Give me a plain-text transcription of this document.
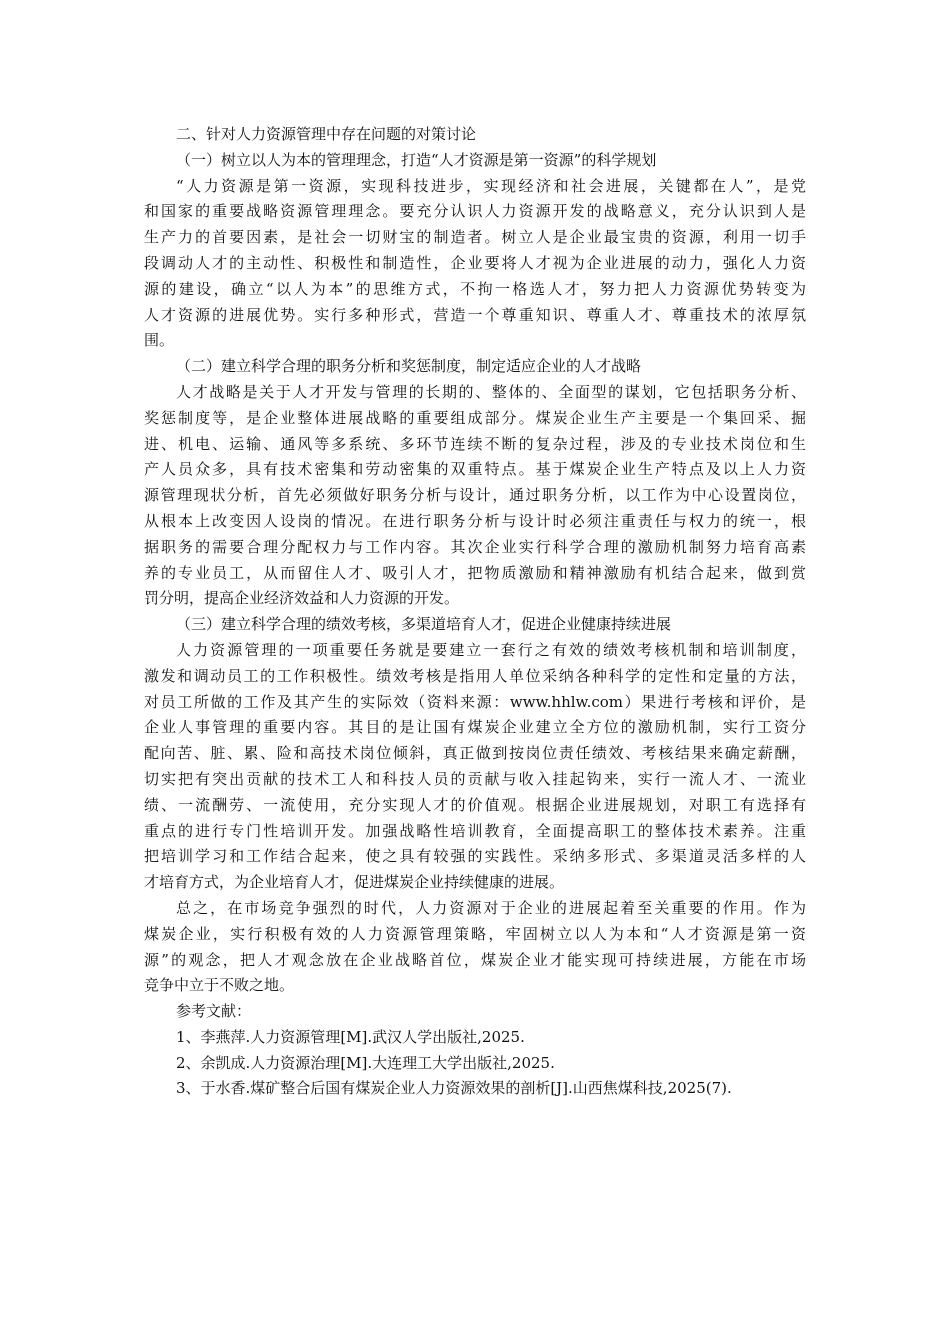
二、针对人力资源管理中存在问题的对策讨论
（一）树立以人为本的管理理念，打造“人才资源是第一资源”的科学规划
“人力资源是第一资源，实现科技进步，实现经济和社会进展，关键都在人”，是党
和国家的重要战略资源管理理念。要充分认识人力资源开发的战略意义，充分认识到人是
生产力的首要因素，是社会一切财宝的制造者。树立人是企业最宝贵的资源，利用一切手
段调动人才的主动性、积极性和制造性，企业要将人才视为企业进展的动力，强化人力资
源的建设，确立“以人为本”的思维方式，不拘一格选人才，努力把人力资源优势转变为
人才资源的进展优势。实行多种形式，营造一个尊重知识、尊重人才、尊重技术的浓厚氛
围。
（二）建立科学合理的职务分析和奖惩制度，制定适应企业的人才战略
人才战略是关于人才开发与管理的长期的、整体的、全面型的谋划，它包括职务分析、
奖惩制度等，是企业整体进展战略的重要组成部分。煤炭企业生产主要是一个集回采、掘
进、机电、运输、通风等多系统、多环节连续不断的复杂过程，涉及的专业技术岗位和生
产人员众多，具有技术密集和劳动密集的双重特点。基于煤炭企业生产特点及以上人力资
源管理现状分析，首先必须做好职务分析与设计，通过职务分析，以工作为中心设置岗位，
从根本上改变因人设岗的情况。在进行职务分析与设计时必须注重责任与权力的统一，根
据职务的需要合理分配权力与工作内容。其次企业实行科学合理的激励机制努力培育高素
养的专业员工，从而留住人才、吸引人才，把物质激励和精神激励有机结合起来，做到赏
罚分明，提高企业经济效益和人力资源的开发。
（三）建立科学合理的绩效考核，多渠道培育人才，促进企业健康持续进展
人力资源管理的一项重要任务就是要建立一套行之有效的绩效考核机制和培训制度，
激发和调动员工的工作积极性。绩效考核是指用人单位采纳各种科学的定性和定量的方法，
对员工所做的工作及其产生的实际效（资料来源：www.hhlw.com）果进行考核和评价，是
企业人事管理的重要内容。其目的是让国有煤炭企业建立全方位的激励机制，实行工资分
配向苦、脏、累、险和高技术岗位倾斜，真正做到按岗位责任绩效、考核结果来确定薪酬，
切实把有突出贡献的技术工人和科技人员的贡献与收入挂起钩来，实行一流人才、一流业
绩、一流酬劳、一流使用，充分实现人才的价值观。根据企业进展规划，对职工有选择有
重点的进行专门性培训开发。加强战略性培训教育，全面提高职工的整体技术素养。注重
把培训学习和工作结合起来，使之具有较强的实践性。采纳多形式、多渠道灵活多样的人
才培育方式，为企业培育人才，促进煤炭企业持续健康的进展。
总之，在市场竞争强烈的时代，人力资源对于企业的进展起着至关重要的作用。作为
煤炭企业，实行积极有效的人力资源管理策略，牢固树立以人为本和“人才资源是第一资
源”的观念，把人才观念放在企业战略首位，煤炭企业才能实现可持续进展，方能在市场
竞争中立于不败之地。
参考文献：
1、李燕萍.人力资源管理[M].武汉人学出版社,2025.
2、余凯成.人力资源治理[M].大连理工大学出版社,2025.
3、于水香.煤矿整合后国有煤炭企业人力资源效果的剖析[J].山西焦煤科技,2025(7).
